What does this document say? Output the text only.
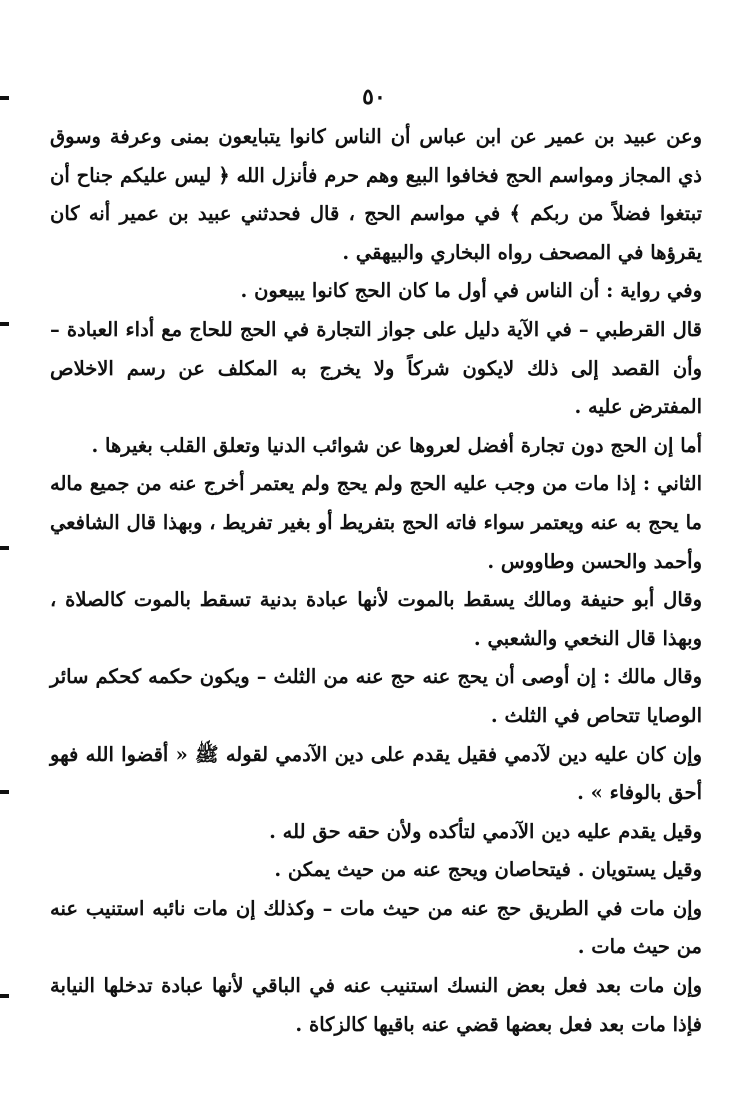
٥٠

وعن عبيد بن عمير عن ابن عباس أن الناس كانوا يتبايعون بمنى وعرفة وسوق ذي المجاز ومواسم الحج فخافوا البيع وهم حرم فأنزل الله ﴿ ليس عليكم جناح أن تبتغوا فضلاً من ربكم ﴾ في مواسم الحج ، قال فحدثني عبيد بن عمير أنه كان يقرؤها في المصحف رواه البخاري والبيهقي .

وفي رواية : أن الناس في أول ما كان الحج كانوا يبيعون .

قال القرطبي – في الآية دليل على جواز التجارة في الحج للحاج مع أداء العبادة – وأن القصد إلى ذلك لايكون شركاً ولا يخرج به المكلف عن رسم الاخلاص المفترض عليه .

أما إن الحج دون تجارة أفضل لعروها عن شوائب الدنيا وتعلق القلب بغيرها .

الثاني : إذا مات من وجب عليه الحج ولم يحج ولم يعتمر أخرج عنه من جميع ماله ما يحج به عنه ويعتمر سواء فاته الحج بتفريط أو بغير تفريط ، وبهذا قال الشافعي وأحمد والحسن وطاووس .

وقال أبو حنيفة ومالك يسقط بالموت لأنها عبادة بدنية تسقط بالموت كالصلاة ، وبهذا قال النخعي والشعبي .

وقال مالك : إن أوصى أن يحج عنه حج عنه من الثلث – ويكون حكمه كحكم سائر الوصايا تتحاص في الثلث .

وإن كان عليه دين لآدمي فقيل يقدم على دين الآدمي لقوله ﷺ « أقضوا الله فهو أحق بالوفاء » .

وقيل يقدم عليه دين الآدمي لتأكده ولأن حقه حق لله .

وقيل يستويان . فيتحاصان ويحج عنه من حيث يمكن .

وإن مات في الطريق حج عنه من حيث مات – وكذلك إن مات نائبه استنيب عنه من حيث مات .

وإن مات بعد فعل بعض النسك استنيب عنه في الباقي لأنها عبادة تدخلها النيابة فإذا مات بعد فعل بعضها قضي عنه باقيها كالزكاة .
